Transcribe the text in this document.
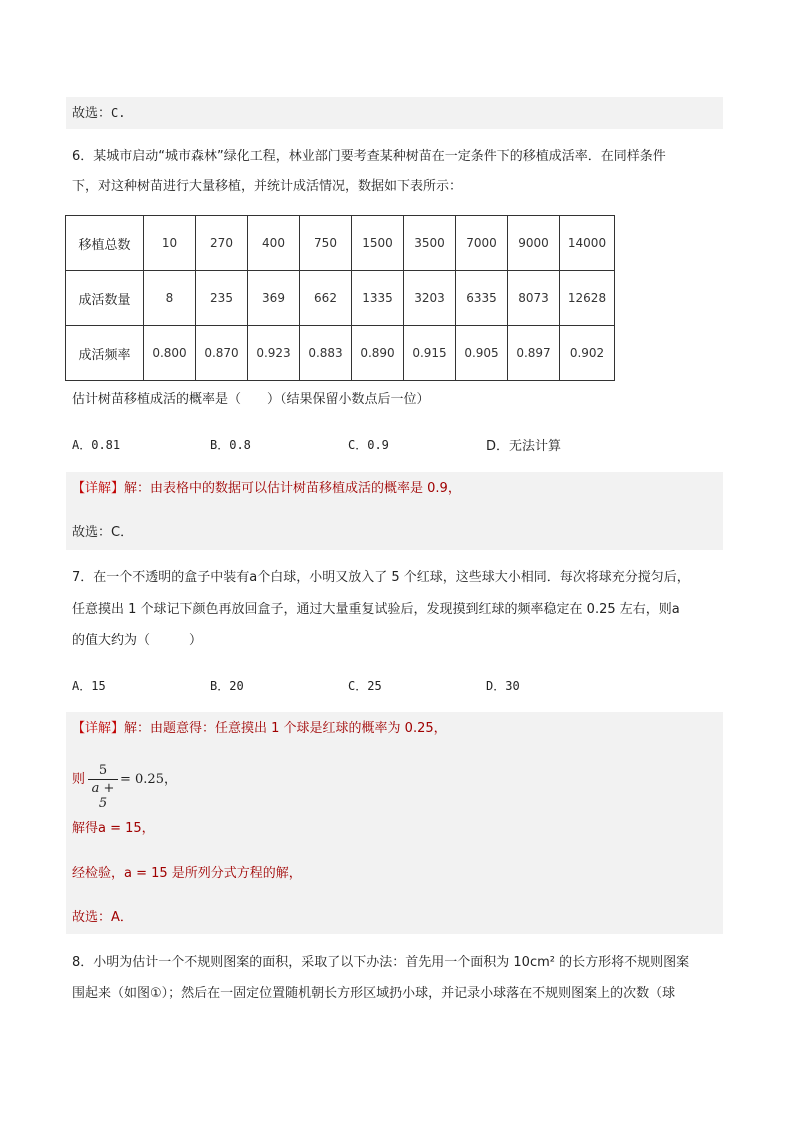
故选：C.
6．某城市启动“城市森林”绿化工程，林业部门要考查某种树苗在一定条件下的移植成活率．在同样条件
下，对这种树苗进行大量移植，并统计成活情况，数据如下表所示：
移植总数	10	270	400	750	1500	3500	7000	9000	14000
成活数量	8	235	369	662	1335	3203	6335	8073	12628
成活频率	0.800	0.870	0.923	0.883	0.890	0.915	0.905	0.897	0.902
估计树苗移植成活的概率是（　　）（结果保留小数点后一位）
A．0.81	B．0.8	C．0.9	D．无法计算
【详解】解：由表格中的数据可以估计树苗移植成活的概率是 0.9，
故选：C．
7．在一个不透明的盒子中装有a个白球，小明又放入了 5 个红球，这些球大小相同．每次将球充分搅匀后，
任意摸出 1 个球记下颜色再放回盒子，通过大量重复试验后，发现摸到红球的频率稳定在 0.25 左右，则a
的值大约为（　　　）
A．15	B．20	C．25	D．30
【详解】解：由题意得：任意摸出 1 个球是红球的概率为 0.25，
则
5
a + 5
= 0.25，
解得a = 15，
经检验，a = 15 是所列分式方程的解，
故选：A．
8．小明为估计一个不规则图案的面积，采取了以下办法：首先用一个面积为 10cm² 的长方形将不规则图案
围起来（如图①）；然后在一固定位置随机朝长方形区域扔小球，并记录小球落在不规则图案上的次数（球
